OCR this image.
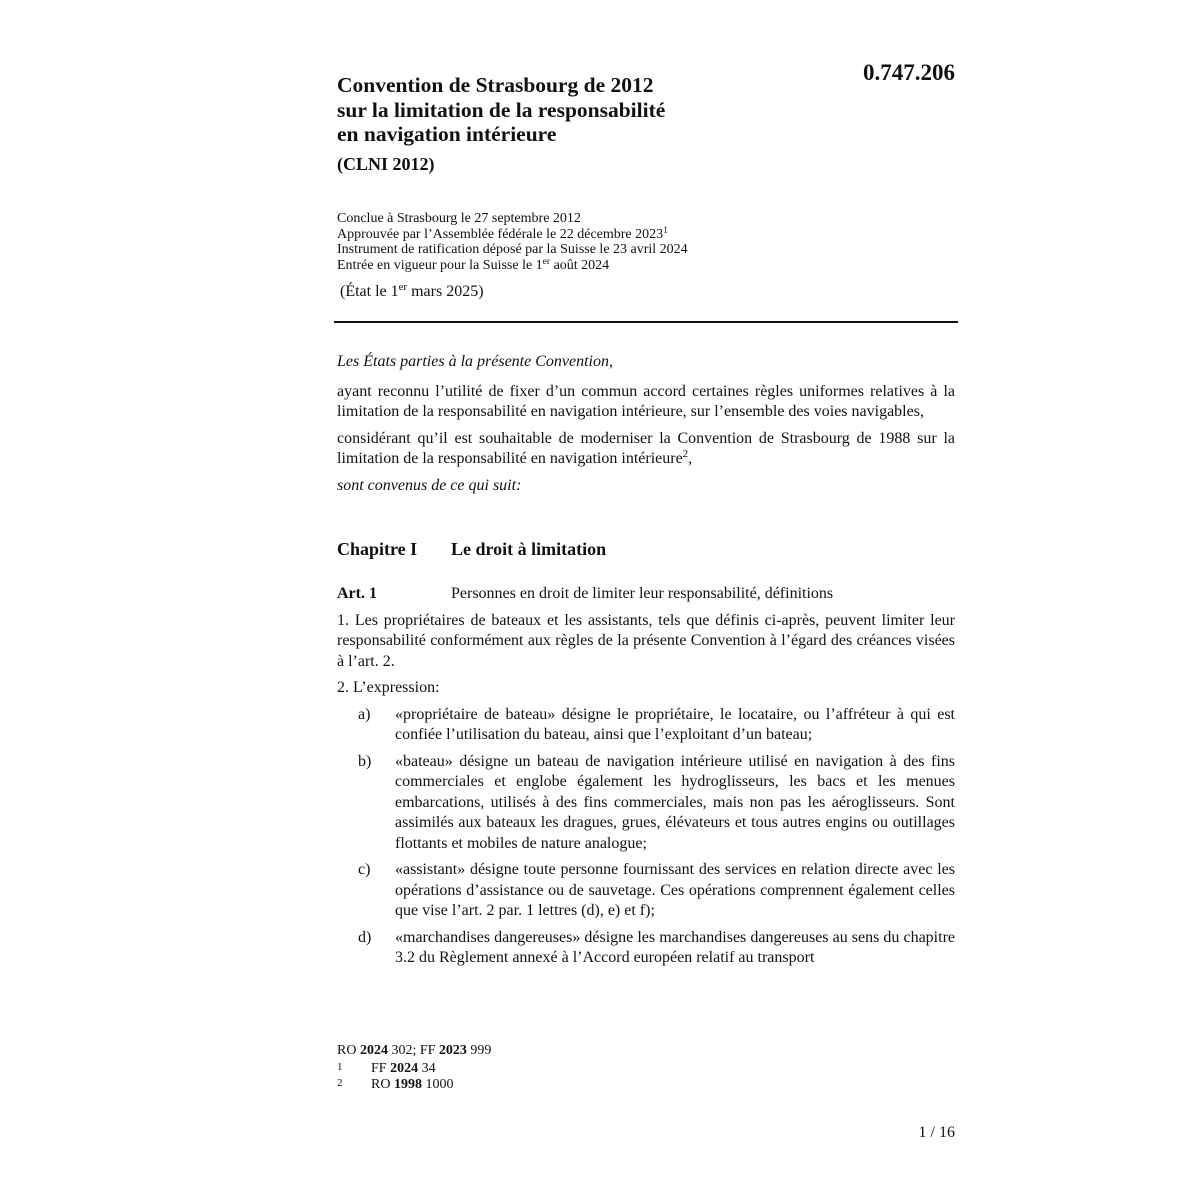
0.747.206
Convention de Strasbourg de 2012
sur la limitation de la responsabilité
en navigation intérieure
(CLNI 2012)
Conclue à Strasbourg le 27 septembre 2012
Approuvée par l’Assemblée fédérale le 22 décembre 2023$^1$
Instrument de ratification déposé par la Suisse le 23 avril 2024
Entrée en vigueur pour la Suisse le 1er août 2024
(État le 1er mars 2025)

Les États parties à la présente Convention,

ayant reconnu l’utilité de fixer d’un commun accord certaines règles uniformes relatives à la limitation de la responsabilité en navigation intérieure, sur l’ensemble des voies navigables,

considérant qu’il est souhaitable de moderniser la Convention de Strasbourg de 1988 sur la limitation de la responsabilité en navigation intérieure$^2$,

sont convenus de ce qui suit:

Chapitre I	Le droit à limitation
Art. 1	Personnes en droit de limiter leur responsabilité, définitions

1. Les propriétaires de bateaux et les assistants, tels que définis ci-après, peuvent limiter leur responsabilité conformément aux règles de la présente Convention à l’égard des créances visées à l’art. 2.

2. L’expression:

a)	«propriétaire de bateau» désigne le propriétaire, le locataire, ou l’affréteur à qui est confiée l’utilisation du bateau, ainsi que l’exploitant d’un bateau;
b)	«bateau» désigne un bateau de navigation intérieure utilisé en navigation à des fins commerciales et englobe également les hydroglisseurs, les bacs et les menues embarcations, utilisés à des fins commerciales, mais non pas les aéroglisseurs. Sont assimilés aux bateaux les dragues, grues, élévateurs et tous autres engins ou outillages flottants et mobiles de nature analogue;
c)	«assistant» désigne toute personne fournissant des services en relation directe avec les opérations d’assistance ou de sauvetage. Ces opérations comprennent également celles que vise l’art. 2 par. 1 lettres (d), e) et f);
d)	«marchandises dangereuses» désigne les marchandises dangereuses au sens du chapitre 3.2 du Règlement annexé à l’Accord européen relatif au transport
RO 2024 302; FF 2023 999
1	FF 2024 34
2	RO 1998 1000
1 / 16
